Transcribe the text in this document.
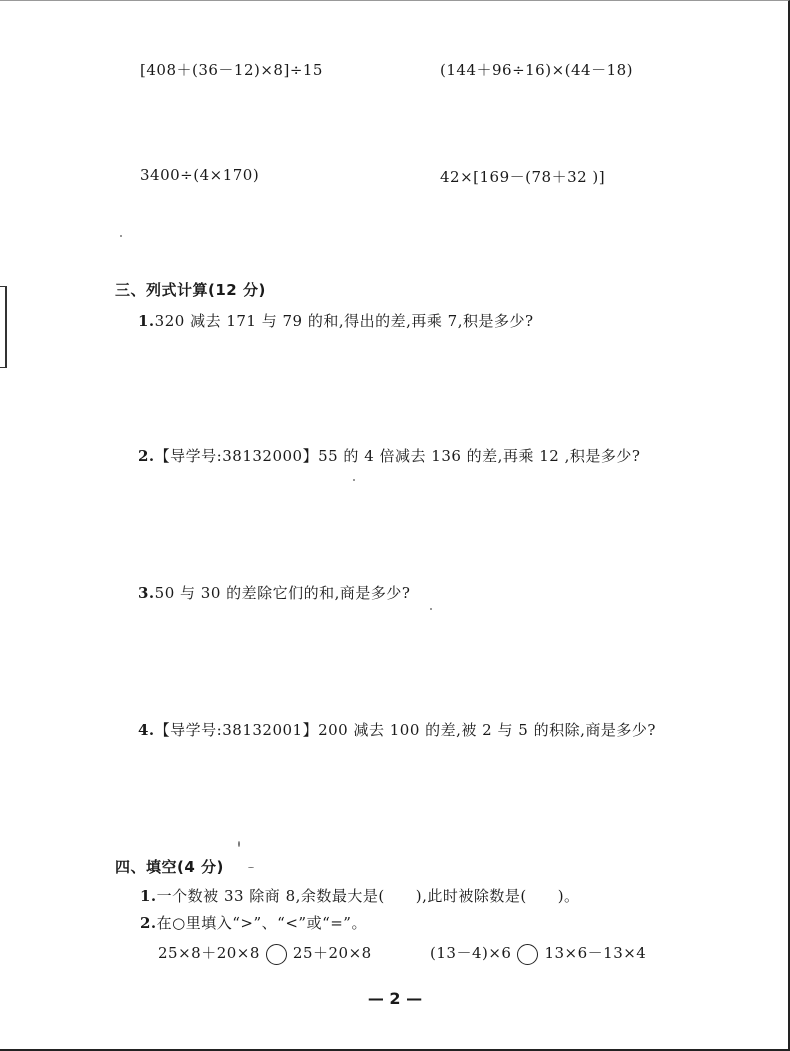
[408＋(36－12)×8]÷15	(144＋96÷16)×(44－18)
3400÷(4×170)	42×[169－(78＋32 )]
三、列式计算(12 分)
1.320 减去 171 与 79 的和,得出的差,再乘 7,积是多少?
2.【导学号:38132000】55 的 4 倍减去 136 的差,再乘 12 ,积是多少?
3.50 与 30 的差除它们的和,商是多少?
4.【导学号:38132001】200 减去 100 的差,被 2 与 5 的积除,商是多少?
四、填空(4 分)
1.一个数被 33 除商 8,余数最大是(　　),此时被除数是(　　)。
2.在○里填入“>”、“<”或“=”。
25×8＋20×8 25＋20×8	(13－4)×6 13×6－13×4
— 2 —
